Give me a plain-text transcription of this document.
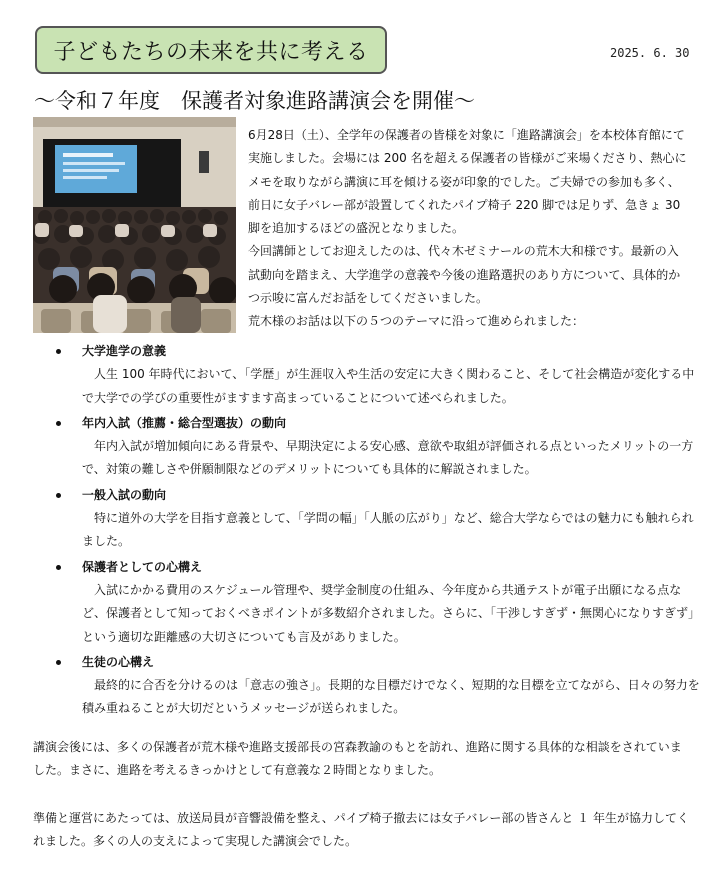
子どもたちの未来を共に考える	2025. 6. 30
～令和７年度　保護者対象進路講演会を開催～

6月28日（土）、全学年の保護者の皆様を対象に「進路講演会」を本校体育館にて実施しました。会場には 200 名を超える保護者の皆様がご来場くださり、熱心にメモを取りながら講演に耳を傾ける姿が印象的でした。ご夫婦での参加も多く、前日に女子バレー部が設置してくれたパイプ椅子 220 脚では足りず、急きょ 30 脚を追加するほどの盛況となりました。

今回講師としてお迎えしたのは、代々木ゼミナールの荒木大和様です。最新の入試動向を踏まえ、大学進学の意義や今後の進路選択のあり方について、具体的かつ示唆に富んだお話をしてくださいました。

荒木様のお話は以下の５つのテーマに沿って進められました：

大学進学の意義

人生 100 年時代において、「学歴」が生涯収入や生活の安定に大きく関わること、そして社会構造が変化する中で大学での学びの重要性がますます高まっていることについて述べられました。

年内入試（推薦・総合型選抜）の動向

年内入試が増加傾向にある背景や、早期決定による安心感、意欲や取組が評価される点といったメリットの一方で、対策の難しさや併願制限などのデメリットについても具体的に解説されました。

一般入試の動向

特に道外の大学を目指す意義として、「学問の幅」「人脈の広がり」など、総合大学ならではの魅力にも触れられました。

保護者としての心構え

入試にかかる費用のスケジュール管理や、奨学金制度の仕組み、今年度から共通テストが電子出願になる点など、保護者として知っておくべきポイントが多数紹介されました。さらに、「干渉しすぎず・無関心になりすぎず」という適切な距離感の大切さについても言及がありました。

生徒の心構え

最終的に合否を分けるのは「意志の強さ」。長期的な目標だけでなく、短期的な目標を立てながら、日々の努力を積み重ねることが大切だというメッセージが送られました。

講演会後には、多くの保護者が荒木様や進路支援部長の宮森教諭のもとを訪れ、進路に関する具体的な相談をされていました。まさに、進路を考えるきっかけとして有意義な２時間となりました。

準備と運営にあたっては、放送局員が音響設備を整え、パイプ椅子撤去には女子バレー部の皆さんと １ 年生が協力してくれました。多くの人の支えによって実現した講演会でした。
